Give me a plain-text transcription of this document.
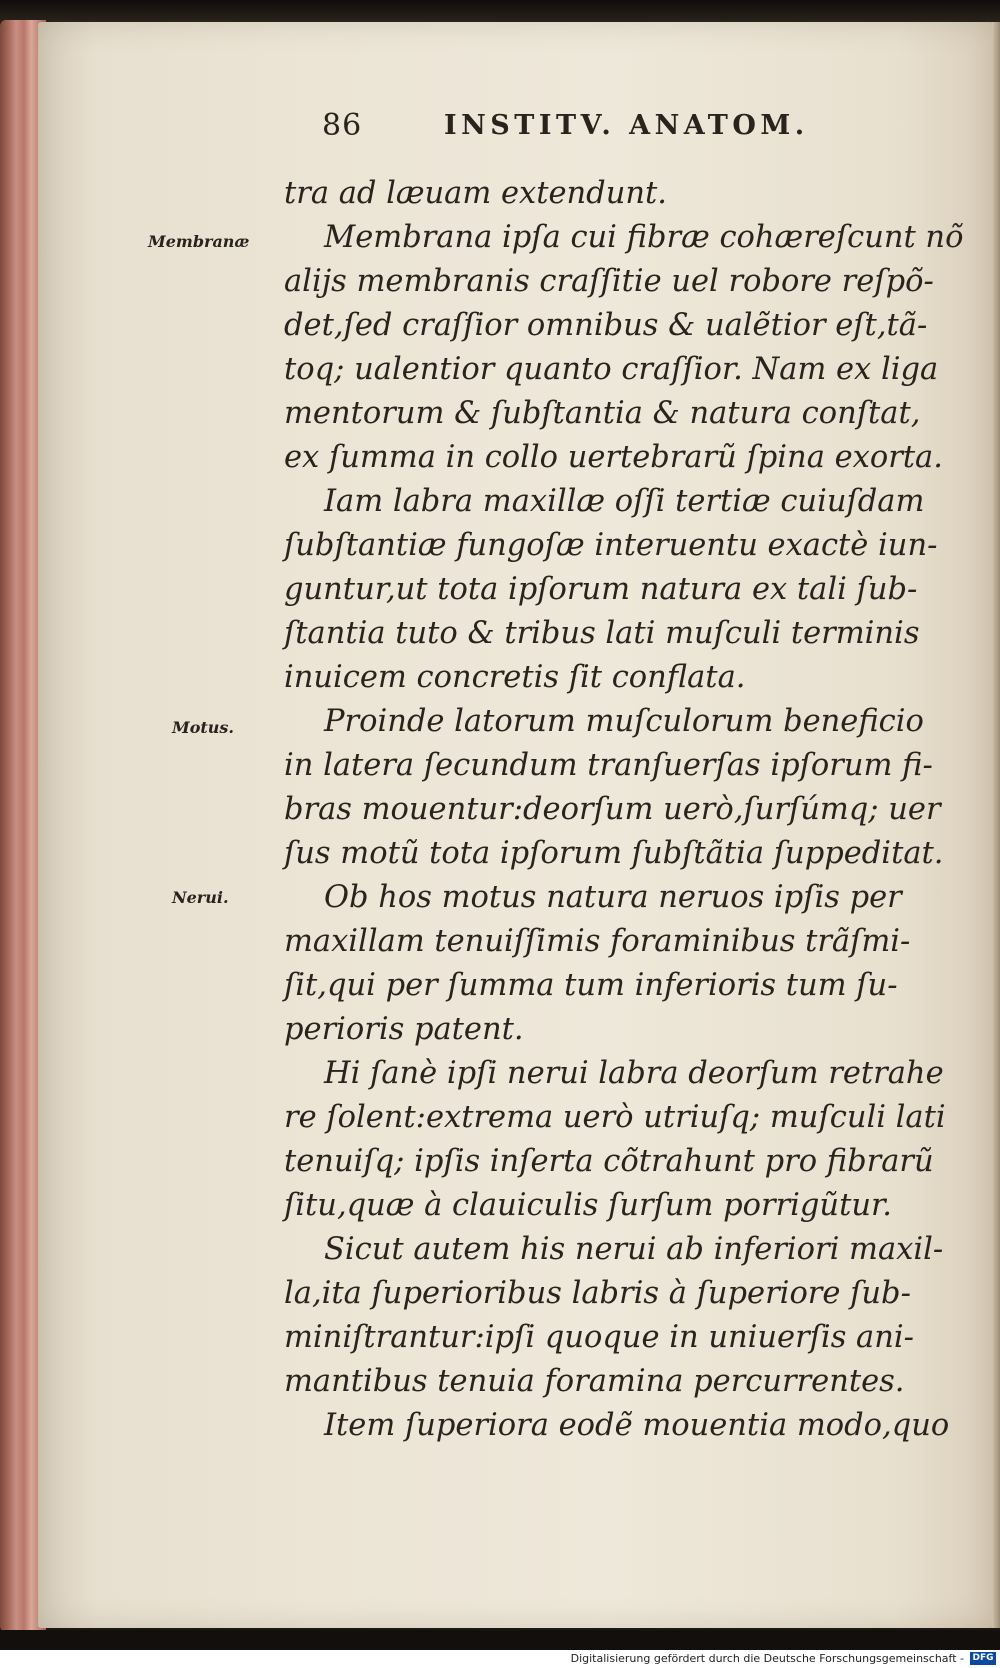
86	INSTITV. ANATOM.
Membranæ
Motus.
Nerui.
tra ad læuam extendunt.
Membrana ipſa cui fibræ cohæreſcunt nõ
alijs membranis craſſitie uel robore reſpõ-
det,ſed craſſior omnibus & ualẽtior eſt,tã-
toq; ualentior quanto craſſior. Nam ex liga
mentorum & ſubſtantia & natura conſtat,
ex ſumma in collo uertebrarũ ſpina exorta.
Iam labra maxillæ oſſi tertiæ cuiuſdam
ſubſtantiæ fungoſæ interuentu exactè iun-
guntur,ut tota ipſorum natura ex tali ſub-
ſtantia tuto & tribus lati muſculi terminis
inuicem concretis ſit conflata.
Proinde latorum muſculorum beneficio
in latera ſecundum tranſuerſas ipſorum fi-
bras mouentur:deorſum uerò,ſurſúmq; uer
ſus motũ tota ipſorum ſubſtãtia ſuppeditat.
Ob hos motus natura neruos ipſis per
maxillam tenuiſſimis foraminibus trãſmi-
ſit,qui per ſumma tum inferioris tum ſu-
perioris patent.
Hi ſanè ipſi nerui labra deorſum retrahe
re ſolent:extrema uerò utriuſq; muſculi lati
tenuiſq; ipſis inſerta cõtrahunt pro fibrarũ
ſitu,quæ à clauiculis ſurſum porrigũtur.
Sicut autem his nerui ab inferiori maxil-
la,ita ſuperioribus labris à ſuperiore ſub-
miniſtrantur:ipſi quoque in uniuerſis ani-
mantibus tenuia foramina percurrentes.
Item ſuperiora eodẽ mouentia modo,quo
Digitalisierung gefördert durch die Deutsche Forschungsgemeinschaft - DFG
